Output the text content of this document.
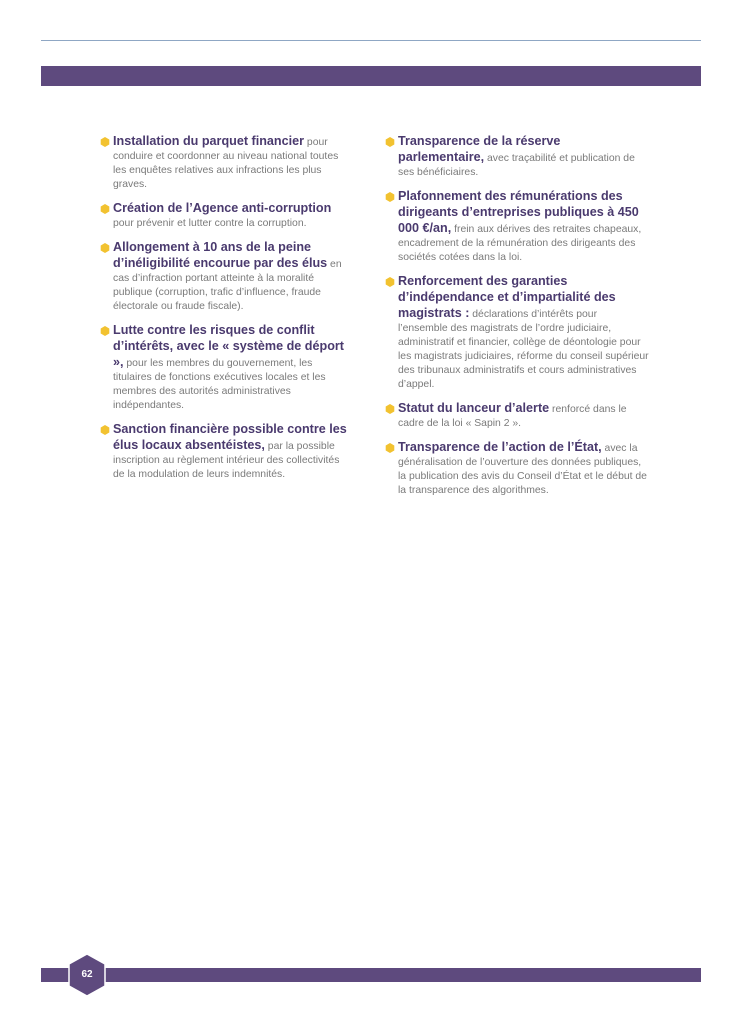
Installation du parquet financier pour conduire et coordonner au niveau national toutes les enquêtes relatives aux infractions les plus graves.

Création de l’Agence anti-corruption pour prévenir et lutter contre la corruption.

Allongement à 10 ans de la peine d’inéligibilité encourue par des élus en cas d’infraction portant atteinte à la moralité publique (corruption, trafic d’influence, fraude électorale ou fraude fiscale).

Lutte contre les risques de conflit d’intérêts, avec le « système de déport », pour les membres du gouvernement, les titulaires de fonctions exécutives locales et les membres des autorités administratives indépendantes.

Sanction financière possible contre les élus locaux absentéistes, par la possible inscription au règlement intérieur des collectivités de la modulation de leurs indemnités.

Transparence de la réserve parlementaire, avec traçabilité et publication de ses bénéficiaires.

Plafonnement des rémunérations des dirigeants d’entreprises publiques à 450 000 €/an, frein aux dérives des retraites chapeaux, encadrement de la rémunération des dirigeants des sociétés cotées dans la loi.

Renforcement des garanties d’indépendance et d’impartialité des magistrats : déclarations d’intérêts pour l’ensemble des magistrats de l’ordre judiciaire, administratif et financier, collège de déontologie pour les magistrats judiciaires, réforme du conseil supérieur des tribunaux administratifs et cours administratives d’appel.

Statut du lanceur d’alerte renforcé dans le cadre de la loi « Sapin 2 ».

Transparence de l’action de l’État, avec la généralisation de l’ouverture des données publiques, la publication des avis du Conseil d’État et le début de la transparence des algorithmes.

62
